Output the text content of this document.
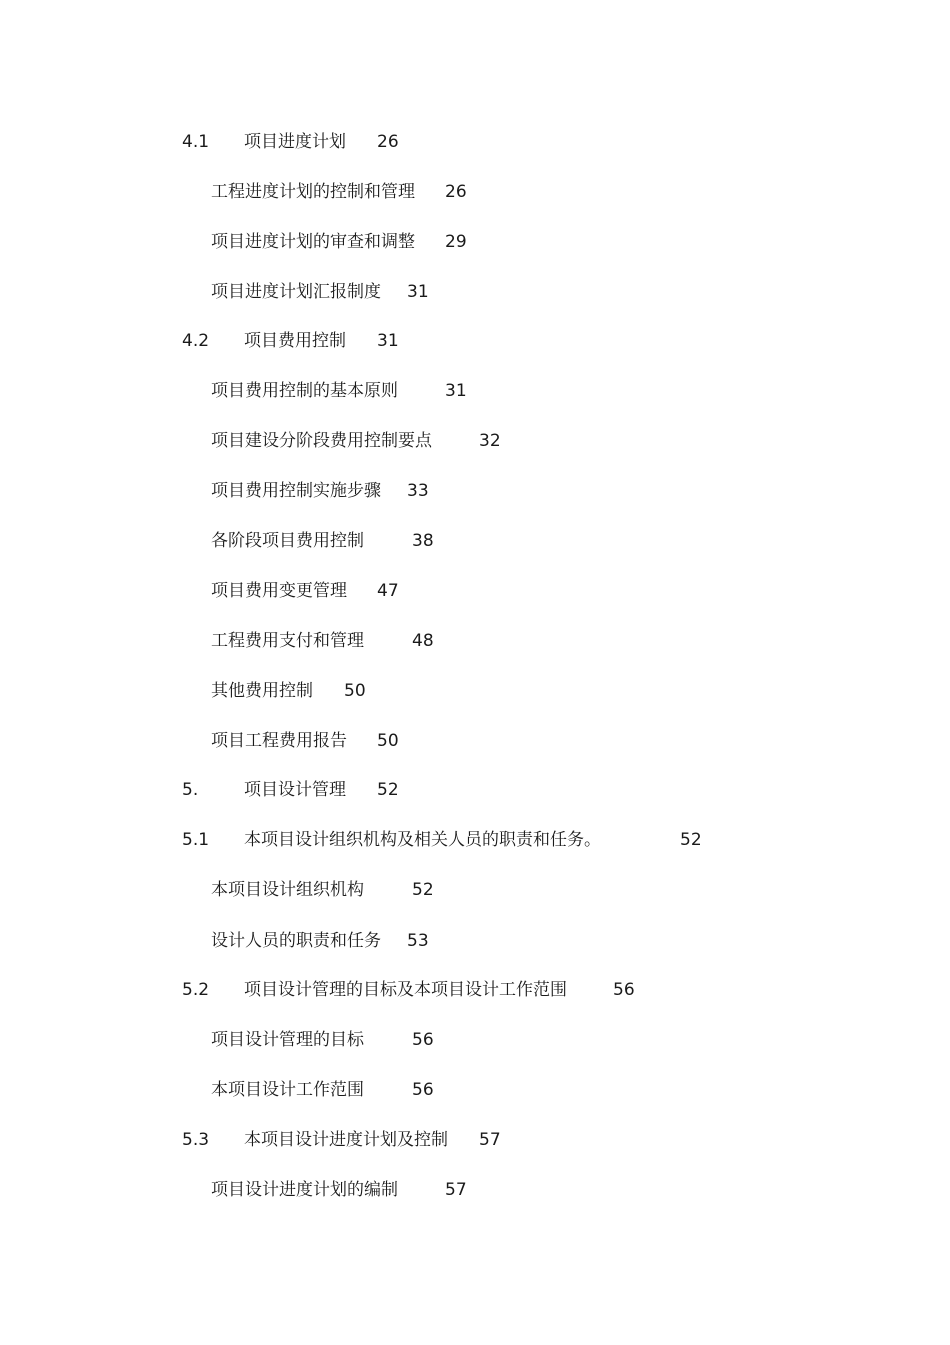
4.1 项目进度计划 26
工程进度计划的控制和管理 26
项目进度计划的审查和调整 29
项目进度计划汇报制度 31
4.2 项目费用控制 31
项目费用控制的基本原则	31
项目建设分阶段费用控制要点	32
项目费用控制实施步骤 33
各阶段项目费用控制	38
项目费用变更管理 47
工程费用支付和管理	48
其他费用控制 50
项目工程费用报告 50
5.	项目设计管理 52
5.1 本项目设计组织机构及相关人员的职责和任务。	52
本项目设计组织机构	52
设计人员的职责和任务 53
5.2 项目设计管理的目标及本项目设计工作范围	56
项目设计管理的目标	56
本项目设计工作范围	56
5.3 本项目设计进度计划及控制 57
项目设计进度计划的编制	57
